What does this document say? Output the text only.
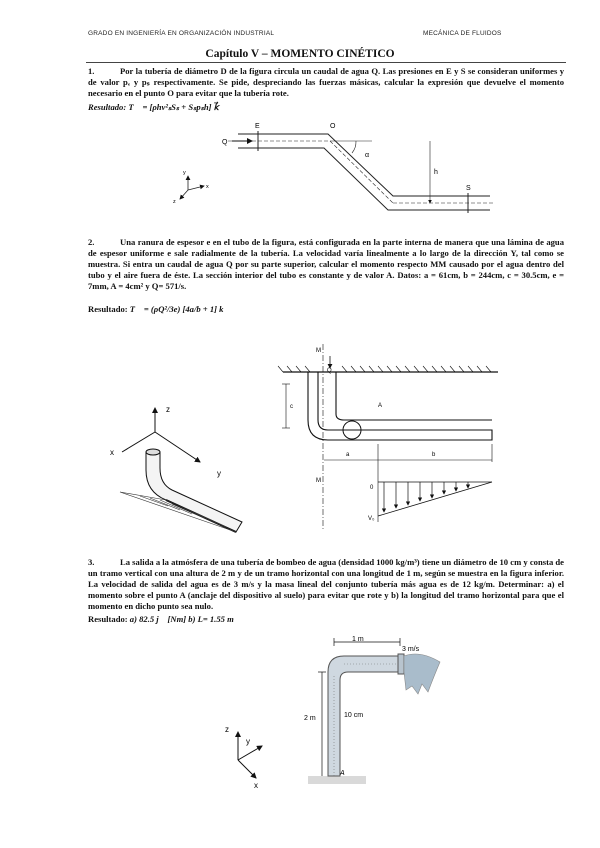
GRADO EN INGENIERÍA EN ORGANIZACIÓN INDUSTRIAL	MECÁNICA DE FLUIDOS
Capítulo V – MOMENTO CINÉTICO
1.	Por la tubería de diámetro D de la figura circula un caudal de agua Q. Las presiones en E y S se consideran uniformes y de valor pₑ y pₛ respectivamente. Se pide, despreciando las fuerzas másicas, calcular la expresión que devuelve el momento necesario en el punto O para evitar que la tubería rote.
Resultado: T⃗ = [ρhv²ₛSₛ + Sₛpₛh] k⃗
Q
E	O
α
h
S
y
x
z
z
y
x
M
Q
A
c
a	b
M
0
V₀
z
y
x
1 m
3 m/s
2 m	10 cm
A
2.	Una ranura de espesor e en el tubo de la figura, está configurada en la parte interna de manera que una lámina de agua de espesor uniforme e sale radialmente de la tubería. La velocidad varía linealmente a lo largo de la dirección Y, tal como se muestra. Si entra un caudal de agua Q por su parte superior, calcular el momento respecto MM causado por el agua dentro del tubo y el aire fuera de éste. La sección interior del tubo es constante y de valor A. Datos: a = 61cm, b = 244cm, c = 30.5cm, e = 7mm, A = 4cm² y Q= 571/s.
Resultado: T⃗ = (ρQ²/3e) [4a/b + 1] k⃗
3.	La salida a la atmósfera de una tubería de bombeo de agua (densidad 1000 kg/m³) tiene un diámetro de 10 cm y consta de un tramo vertical con una altura de 2 m y de un tramo horizontal con una longitud de 1 m, según se muestra en la figura inferior. La velocidad de salida del agua es de 3 m/s y la masa lineal del conjunto tubería más agua es de 12 kg/m. Determinar: a) el momento sobre el punto A (anclaje del dispositivo al suelo) para evitar que rote y b) la longitud del tramo horizontal para que el momento en dicho punto sea nulo.
Resultado: a) 82.5 j⃗ [Nm] b) L= 1.55 m
